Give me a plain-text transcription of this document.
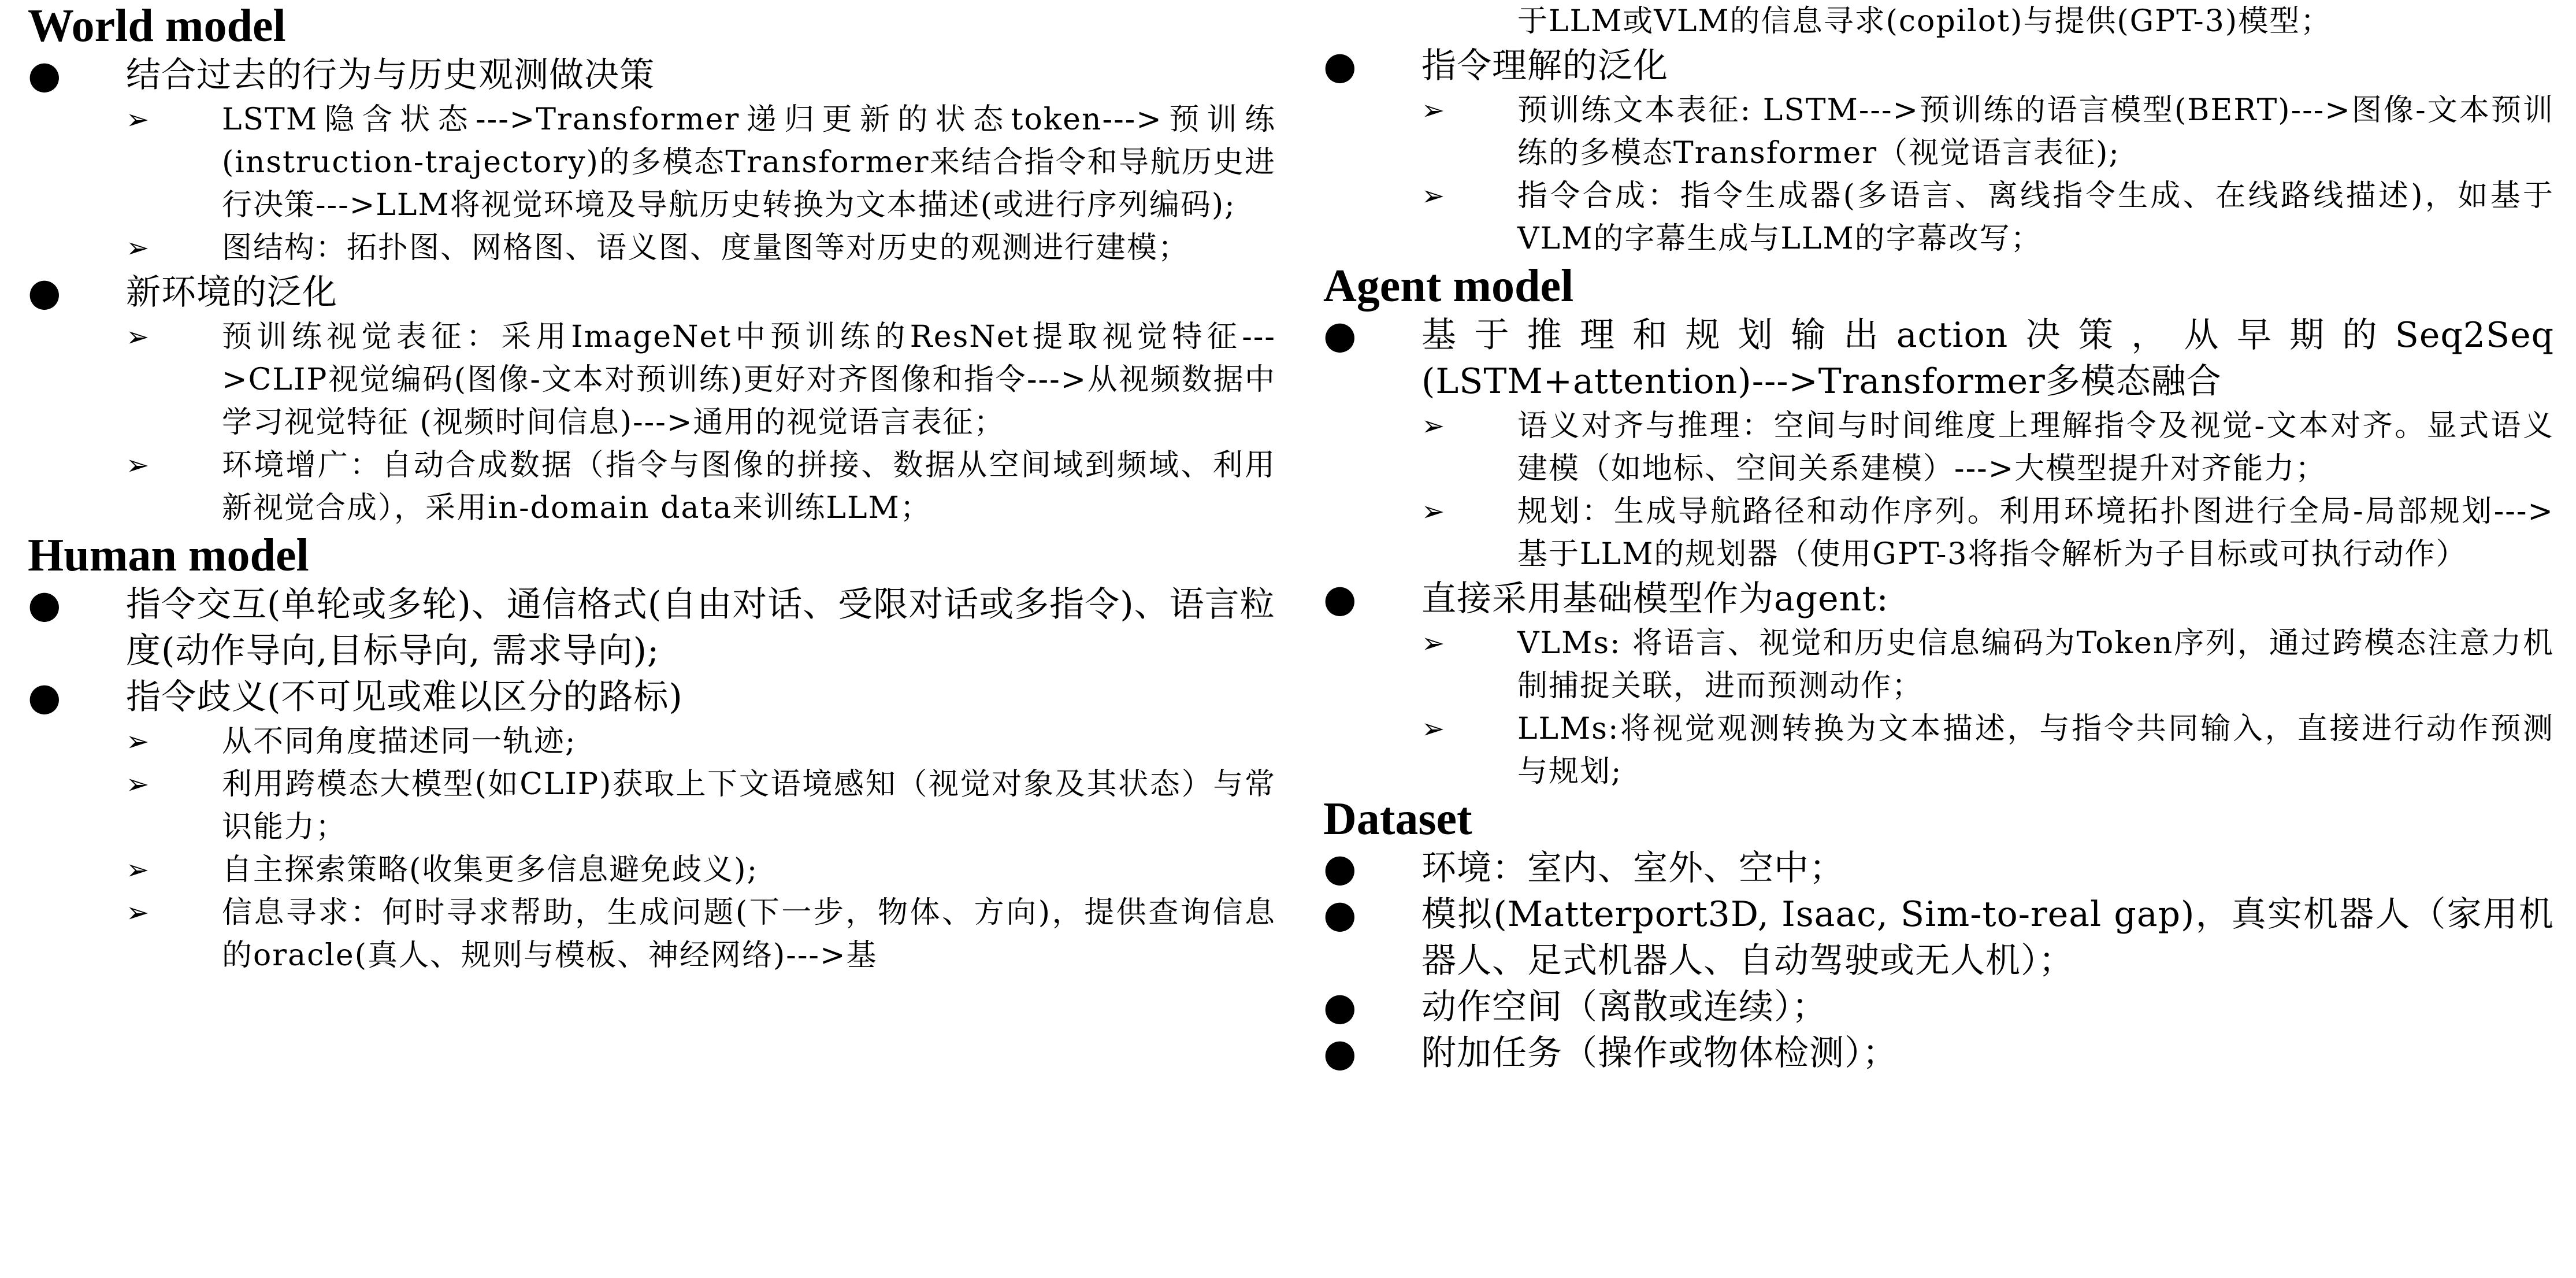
World model
● 结合过去的行为与历史观测做决策
➢ LSTM隐含状态--->Transformer递归更新的状态token--->预训练(instruction-trajectory)的多模态Transformer来结合指令和导航历史进行决策--->LLM将视觉环境及导航历史转换为文本描述(或进行序列编码);
➢ 图结构：拓扑图、网格图、语义图、度量图等对历史的观测进行建模；
● 新环境的泛化
➢ 预训练视觉表征：采用ImageNet中预训练的ResNet提取视觉特征--->CLIP视觉编码(图像-文本对预训练)更好对齐图像和指令--->从视频数据中学习视觉特征 (视频时间信息)--->通用的视觉语言表征；
➢ 环境增广：自动合成数据（指令与图像的拼接、数据从空间域到频域、利用新视觉合成），采用in-domain data来训练LLM；
Human model
● 指令交互(单轮或多轮)、通信格式(自由对话、受限对话或多指令)、语言粒度(动作导向,目标导向, 需求导向);
● 指令歧义(不可见或难以区分的路标)
➢ 从不同角度描述同一轨迹;
➢ 利用跨模态大模型(如CLIP)获取上下文语境感知（视觉对象及其状态）与常识能力；
➢ 自主探索策略(收集更多信息避免歧义);
➢ 信息寻求：何时寻求帮助，生成问题(下一步，物体、方向)，提供查询信息的oracle(真人、规则与模板、神经网络)--->基
于LLM或VLM的信息寻求(copilot)与提供(GPT-3)模型；
● 指令理解的泛化
➢ 预训练文本表征: LSTM--->预训练的语言模型(BERT)--->图像-文本预训练的多模态Transformer（视觉语言表征);
➢ 指令合成：指令生成器(多语言、离线指令生成、在线路线描述)，如基于VLM的字幕生成与LLM的字幕改写；
Agent model
● 基于推理和规划输出action决策，从早期的Seq2Seq (LSTM+attention)--->Transformer多模态融合
➢ 语义对齐与推理：空间与时间维度上理解指令及视觉-文本对齐。显式语义建模（如地标、空间关系建模）--->大模型提升对齐能力；
➢ 规划：生成导航路径和动作序列。利用环境拓扑图进行全局-局部规划--->基于LLM的规划器（使用GPT-3将指令解析为子目标或可执行动作）
● 直接采用基础模型作为agent:
➢ VLMs: 将语言、视觉和历史信息编码为Token序列，通过跨模态注意力机制捕捉关联，进而预测动作；
➢ LLMs:将视觉观测转换为文本描述，与指令共同输入，直接进行动作预测与规划;
Dataset
● 环境：室内、室外、空中；
● 模拟(Matterport3D, Isaac, Sim-to-real gap)，真实机器人（家用机器人、足式机器人、自动驾驶或无人机）；
● 动作空间（离散或连续）；
● 附加任务（操作或物体检测）；
